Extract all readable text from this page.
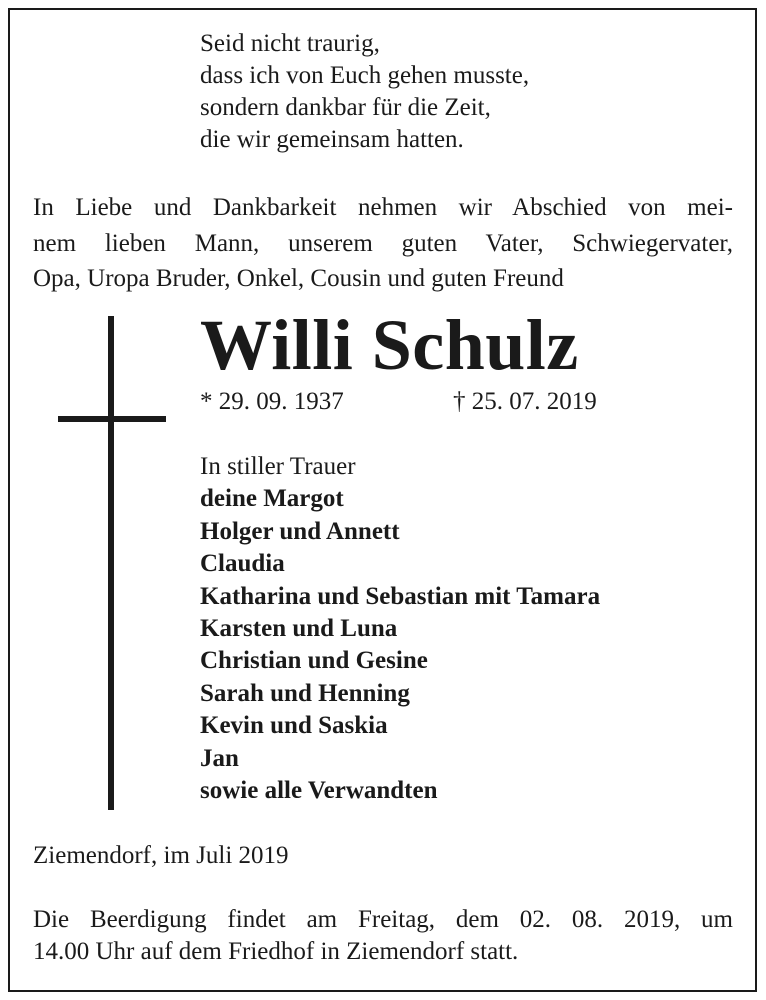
Seid nicht traurig,
dass ich von Euch gehen musste,
sondern dankbar für die Zeit,
die wir gemeinsam hatten.
In Liebe und Dankbarkeit nehmen wir Abschied von mei-
nem lieben Mann, unserem guten Vater, Schwiegervater,
Opa, Uropa Bruder, Onkel, Cousin und guten Freund
Willi Schulz
* 29. 09. 1937	† 25. 07. 2019
In stiller Trauer
deine Margot
Holger und Annett
Claudia
Katharina und Sebastian mit Tamara
Karsten und Luna
Christian und Gesine
Sarah und Henning
Kevin und Saskia
Jan
sowie alle Verwandten
Ziemendorf, im Juli 2019
Die Beerdigung findet am Freitag, dem 02. 08. 2019, um
14.00 Uhr auf dem Friedhof in Ziemendorf statt.
